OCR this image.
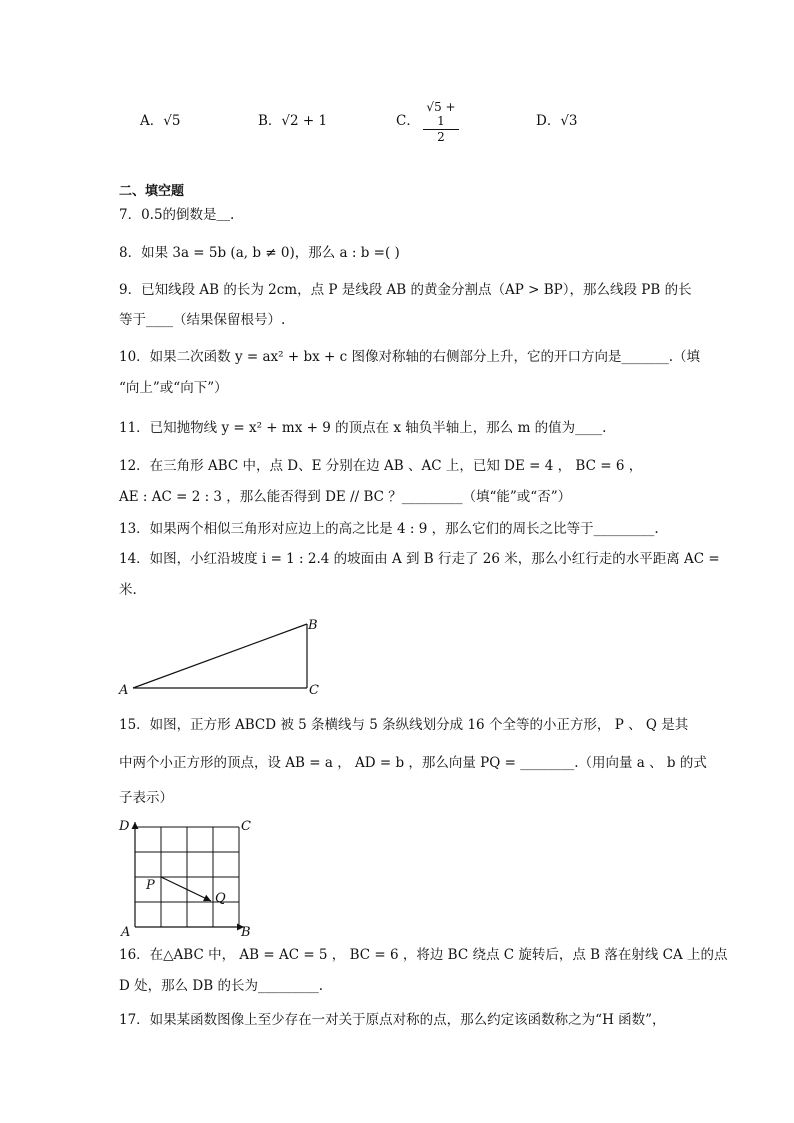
A．√5	B．√2 + 1	C． $\frac{√5 + 1}{2}$	D．√3
二、填空题
7．0.5的倒数是＿.
8．如果 3a = 5b (a, b ≠ 0)，那么 a : b =( )
9．已知线段 AB 的长为 2cm，点 P 是线段 AB 的黄金分割点（AP > BP），那么线段 PB 的长
等于____（结果保留根号）.
10．如果二次函数 y = ax² + bx + c 图像对称轴的右侧部分上升，它的开口方向是_______.（填
“向上”或“向下”）
11．已知抛物线 y = x² + mx + 9 的顶点在 x 轴负半轴上，那么 m 的值为____.
12．在三角形 ABC 中，点 D、E 分别在边 AB 、AC 上，已知 DE = 4 ， BC = 6 ，
AE : AC = 2 : 3 ，那么能否得到 DE // BC ？_________（填“能”或“否”）
13．如果两个相似三角形对应边上的高之比是 4 : 9 ，那么它们的周长之比等于_________.
14．如图，小红沿坡度 i = 1 : 2.4 的坡面由 A 到 B 行走了 26 米，那么小红行走的水平距离 AC =
米.
A
B
C
15．如图，正方形 ABCD 被 5 条横线与 5 条纵线划分成 16 个全等的小正方形， P 、 Q 是其
中两个小正方形的顶点，设 AB = a ， AD = b ，那么向量 PQ = ________.（用向量 a 、 b 的式
子表示）
D	C
A	B
P
Q
16．在△ABC 中， AB = AC = 5 ， BC = 6 ，将边 BC 绕点 C 旋转后，点 B 落在射线 CA 上的点
D 处，那么 DB 的长为_________.
17．如果某函数图像上至少存在一对关于原点对称的点，那么约定该函数称之为“H 函数”，
